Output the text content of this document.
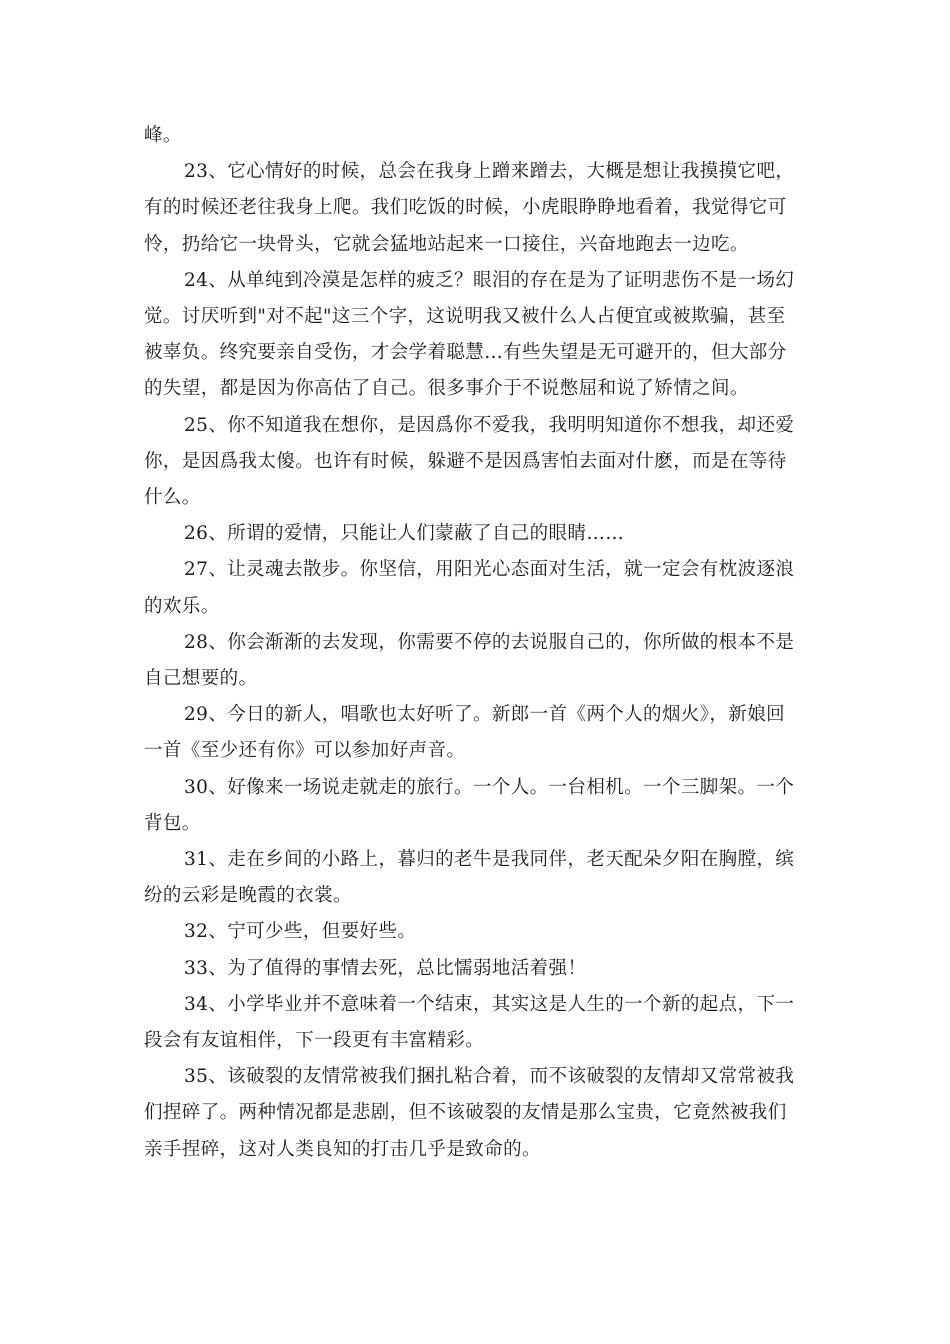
峰。

23、它心情好的时候，总会在我身上蹭来蹭去，大概是想让我摸摸它吧，
有的时候还老往我身上爬。我们吃饭的时候，小虎眼睁睁地看着，我觉得它可
怜，扔给它一块骨头，它就会猛地站起来一口接住，兴奋地跑去一边吃。

24、从单纯到冷漠是怎样的疲乏？眼泪的存在是为了证明悲伤不是一场幻
觉。讨厌听到"对不起"这三个字，这说明我又被什么人占便宜或被欺骗，甚至
被辜负。终究要亲自受伤，才会学着聪慧…有些失望是无可避开的，但大部分
的失望，都是因为你高估了自己。很多事介于不说憋屈和说了矫情之间。

25、你不知道我在想你，是因爲你不爱我，我明明知道你不想我，却还爱
你，是因爲我太傻。也许有时候，躲避不是因爲害怕去面对什麽，而是在等待
什么。

26、所谓的爱情，只能让人们蒙蔽了自己的眼睛……

27、让灵魂去散步。你坚信，用阳光心态面对生活，就一定会有枕波逐浪
的欢乐。

28、你会渐渐的去发现，你需要不停的去说服自己的，你所做的根本不是
自己想要的。

29、今日的新人，唱歌也太好听了。新郎一首《两个人的烟火》，新娘回
一首《至少还有你》可以参加好声音。

30、好像来一场说走就走的旅行。一个人。一台相机。一个三脚架。一个
背包。

31、走在乡间的小路上，暮归的老牛是我同伴，老天配朵夕阳在胸膛，缤
纷的云彩是晚霞的衣裳。

32、宁可少些，但要好些。

33、为了值得的事情去死，总比懦弱地活着强！

34、小学毕业并不意味着一个结束，其实这是人生的一个新的起点，下一
段会有友谊相伴，下一段更有丰富精彩。

35、该破裂的友情常被我们捆扎粘合着，而不该破裂的友情却又常常被我
们捏碎了。两种情况都是悲剧，但不该破裂的友情是那么宝贵，它竟然被我们
亲手捏碎，这对人类良知的打击几乎是致命的。
